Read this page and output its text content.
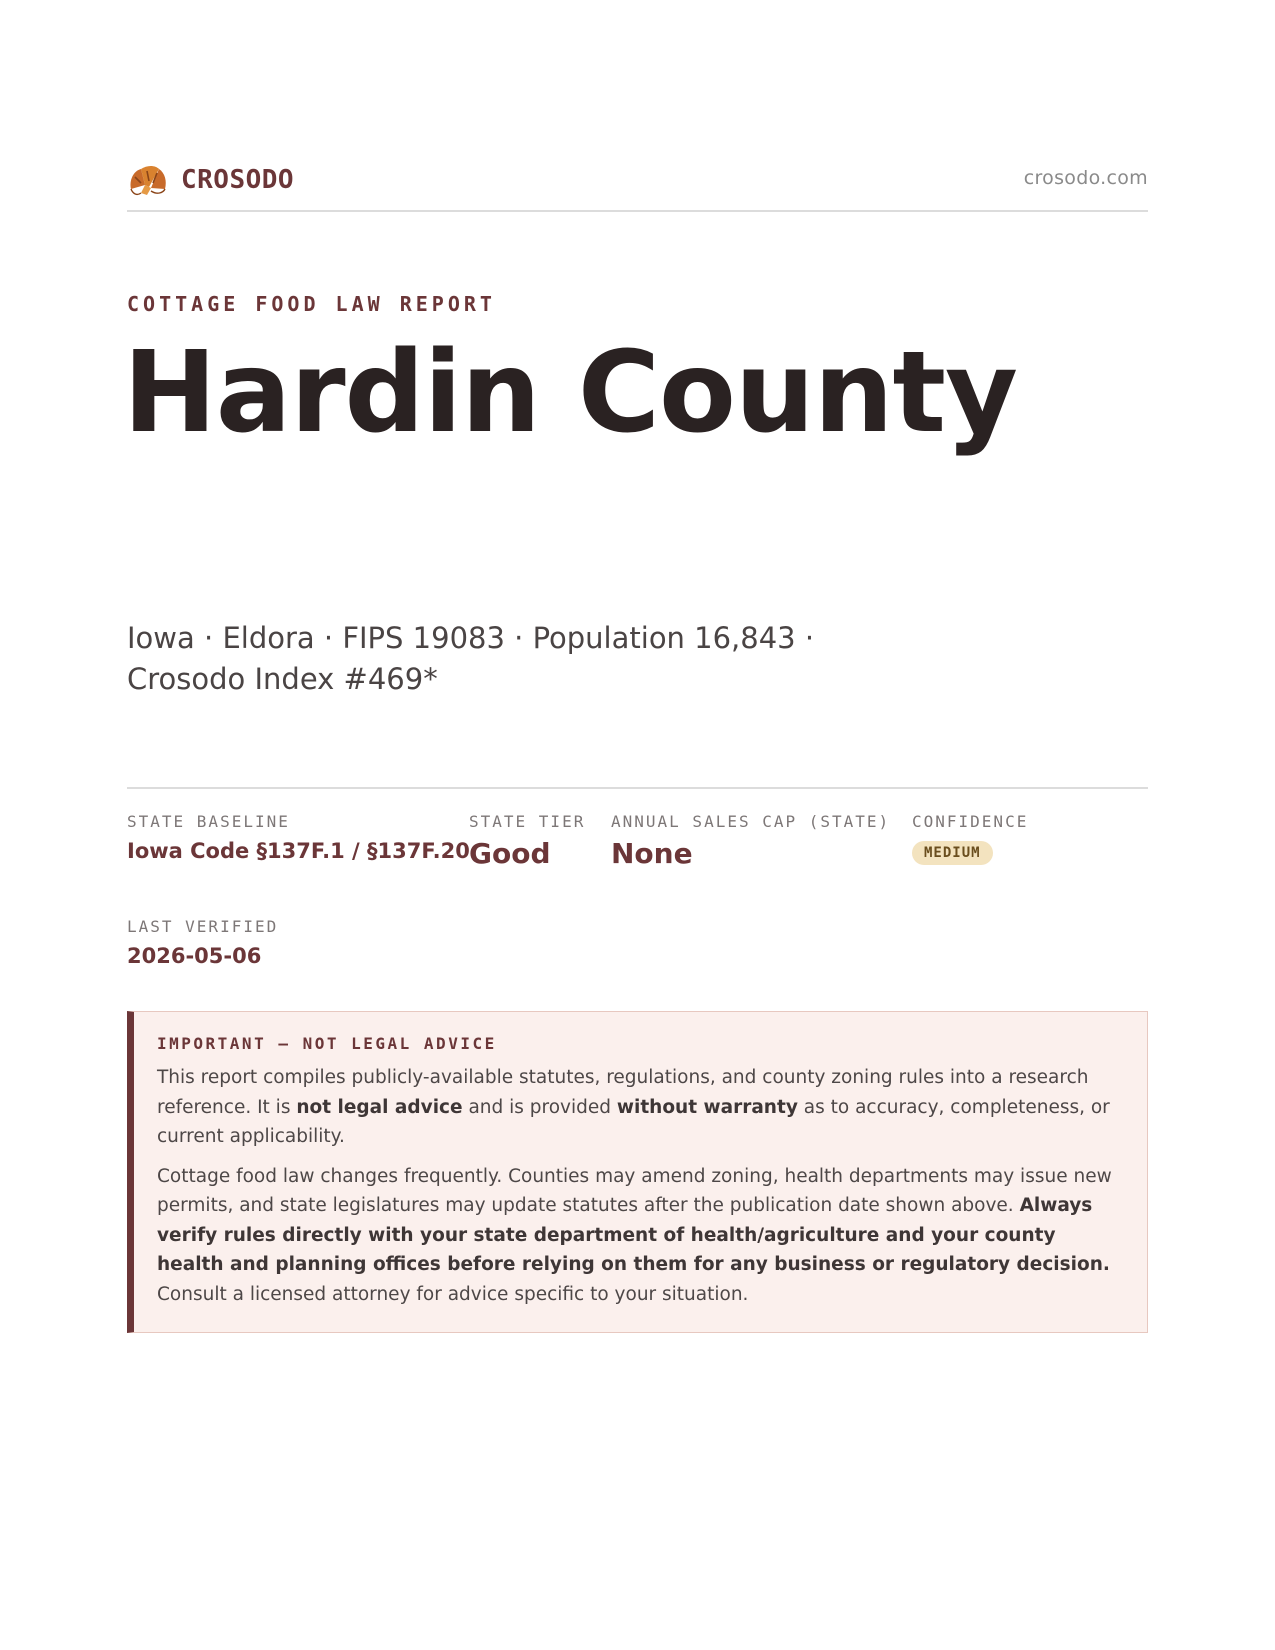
CROSODO	crosodo.com
COTTAGE FOOD LAW REPORT
Hardin County
Iowa · Eldora · FIPS 19083 · Population 16,843 · Crosodo Index #469*
STATE BASELINE
Iowa Code §137F.1 / §137F.20
STATE TIER
Good
ANNUAL SALES CAP (STATE)
None
CONFIDENCE
MEDIUM
LAST VERIFIED
2026-05-06
IMPORTANT — NOT LEGAL ADVICE

This report compiles publicly-available statutes, regulations, and county zoning rules into a research reference. It is not legal advice and is provided without warranty as to accuracy, completeness, or current applicability.

Cottage food law changes frequently. Counties may amend zoning, health departments may issue new permits, and state legislatures may update statutes after the publication date shown above. Always verify rules directly with your state department of health/agriculture and your county health and planning offices before relying on them for any business or regulatory decision. Consult a licensed attorney for advice specific to your situation.
